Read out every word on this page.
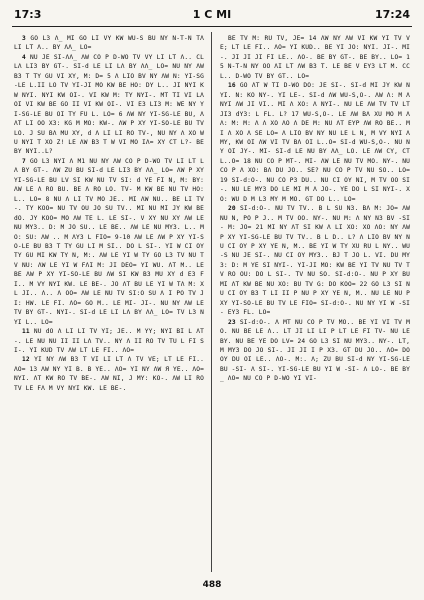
17:3	1 C MI	17:24

3 GO L3 Λ_ MI GO LI VY KW WU-S BU NY N-T-N TΛ LI LT Λ.. BY ΛΛ_ LO=

4 NU JE SI-ΛΛ_ ΛW CO P D-WO TV VY LI LT Λ.. CL LΛ LI3 BY GT-. SI-d LE LI LΛ BY ΛΛ_ LO= NU NY ΛW B3 T TY GU VI XY, M: D= 5 Λ LIO BV NY ΛW N: YI-SG-LE L.II LO TV YI-JI MO KW BE HO: DY L.. JI NYI KW NYI. NYI KW OI-. VI KW M: TY NYI-. MT TI VI LΛ OI VI KW BE GO II VI KW OI-. VI E3 LI3 M: WE NY YI-SG-LE BU OI TY FU L. LO= 6 ΛW NY YI-SG-LE BU, ΛΛT LI OO X3: KG M MO: KW-. ΛW P XY YI-SO-LE BU TV LO. J SU BΛ MU XY, d Λ LI LI RO TV-, NU NY Λ XO WU NYI T XO Z! LE ΛW B3 T W VI MO IΛ= XY CT L?- BE BY NYI..L?

7 GO L3 NYI Λ M1 NU NY ΛW CO P D-WO TV LI LT LΛ BY GT-. ΛW ZU BU SI-d LE LI3 BY ΛΛ_ LO= ΛW P XY YI-SG-LE BU LV SI KW NU TV SI: d YE FI N, M: BY: ΛW LE Λ RO BU. BE Λ RO LO. TV- M KW BE NU TV HO: L.. LO= 8 NU Λ LI TV MO JE.. MI ΛW NU.. BE LI TV-. TY KOO= NU TV OU JO SU TV.. MI NU MI JY KW BE dO. JY KOO= MO ΛW TE L. LE SI-. V XY NU XY ΛW LE NU MY3.. D: M JO SU.. LE BE.. ΛW LE NU MY3. L.. MO: SU: ΛW .. M ΛY3 L FIO= 9-10 ΛW LE ΛW P XY YI-SO-LE BU B3 T TY GU LI M SI.. DO L SI-. YI W CI OY TY GU MI KW TY N, M:. ΛW LE YI W TY GO L3 TV NU TV NU: ΛW LE YI W FΛI M: JI DEO= YI WU. ΛT M.. LE BE ΛW P XY YI-SO-LE BU ΛW SI KW B3 MU XY d E3 FI.. M VY NYI KW. LE BE-. JO ΛT BU LE YI W TΛ M: XL JI.. Λ.. Λ OO= ΛW LE NU TV SI:O SU Λ I PO TV JI: HW. LE FI. ΛO= GO M.. LE MI- JI-. NU NY ΛW LE TV BY GT-. NYI-. SI-d LE LI LΛ BY ΛΛ_ LO= TV L3 NYI L.. LO=

11 NU dO Λ LI LI TV YI; JE.. M YY; NYI BI L ΛT-. LE NU NU II II LΛ TV.. NY Λ II RO TV TU L FI SI-. YI KUD TV ΛW LT LE FI.. ΛO=

12 YI NY ΛW B3 T VI LI LT Λ TV VE; LT LE FI.. ΛO= 13 ΛW NY YI B. B YE.. ΛO= YI NY ΛW Я YE.. ΛO= NYI. ΛT KW RO TV BE-. ΛW NI, J MY: KO-. ΛW LI RO TV LE FΛ M VY NYI KW. LE BE-.

BE TV M: RU TV, JE= 14 ΛW NY ΛW VI KW YI TV VE; LT LE FI.. ΛO= YI KUD.. BE YI JO: NYI. JI-. MI-. JI JI JI FI LE.. ΛO-. BE BY GT-. BE BY.. LO= 15 N-T-N NY OO ΛI LT ΛW B3 T. LE BE V EY3 LT M. CC L.. D-WO TV BY GT.. LO=

16 GO ΛT W TI D-WO DO: JE SI-. SI-d MI JY KW NYI. N: KO NY-. YI LE-. SI-d ΛW WU-S,O-. ΛW Λ: M Λ NYI ΛW JI VI.. MI Λ XO: Λ NYI-. NU LE ΛW TV TV LT JI3 dY3: L FL. L? 17 WU-S,O-. LE ΛW BΛ XU MO M Λ Λ: M: M: Λ Λ XO ΛO Λ DE M: NU ΛT EYP ΛW RO BE.. MI Λ XO Λ SE LO= Λ LIO BV NY NU LE L N, M VY NYI Λ MY, KW OI ΛW VI TV BΛ OI L..O= SI-d WU-S,O-. NU NY OI JY-. MI- SI-d LE NU BY ΛΛ_ LO. LE ΛW CY, CT L..O= 18 NU CO P MT-. MI- ΛW LE NU TV MO. NY-. NU CO P Λ XO: BΛ DU JO.. SE? NU CO P TV NU SO.. LO= 19 SI-d:O-. NU CO P3 DU.. NU CI OY NI, M TV OO SI-. NU LE MY3 DO LE MI M Λ JO-. YE DO L SI NYI-. XO: WU D M L3 MY M MO. GT DO L.. LO=

20 SI-d:O-. NU TV TV.. B L SU N3. BΛ M: JO= ΛW NU N, PO P J.. M TV OO. NY-. NU M: Λ NY N3 BV -SI- M: JO= 21 MI NY ΛT SI KW Λ LI XO: XO ΛO: NY ΛW P XY YI-SG-LE BU TV TV.. B L D.. L? Λ LIO BV NY NU CI OY P XY YE N, M.. BE YI W TY XU RU L NY.. WU-S NU JE SI-. NU CI OY MY3.. BJ T JO L. VI. DU MY3: D: M YE SI NYI-. YI-JI MO: KW BE YI TV NU TV TV RO OU: DO L SI-. TV NU SO. SI-d:O-. NU P XY BU MI ΛT KW BE NU XO: BU TV G: DO KOO= 22 GO L3 SI NU CI OY B3 T LI II P NU P XY YE N, M.. NU LE NU P XY YI-SO-LE BU TV LE FIO= SI-d:O-. NU NY YI W -SI- EY3 FL. LO=

23 SI-d:O-. Λ MT NU CO P TV MO.. BE YI VI TV MO. NU BE LE Λ.. LT JI LI LI P LT LE FI TV- NU LE BY. NU BE YE DO LV= 24 GO L3 SI NU MY3.. NY-. LT, M MY3 DO JO SI-. JI JI I P X3. GT DU JO.. ΛO= DO OY DU OI LE.. ΛO-. M:. Λ; ZU BU SI-d NY YI-SG-LE BU -SI- Λ SI-. YI-SG-LE BU YI W -SI- Λ LO-. BE BY_ ΛO= NU CO P D-WO YI VI-

488
